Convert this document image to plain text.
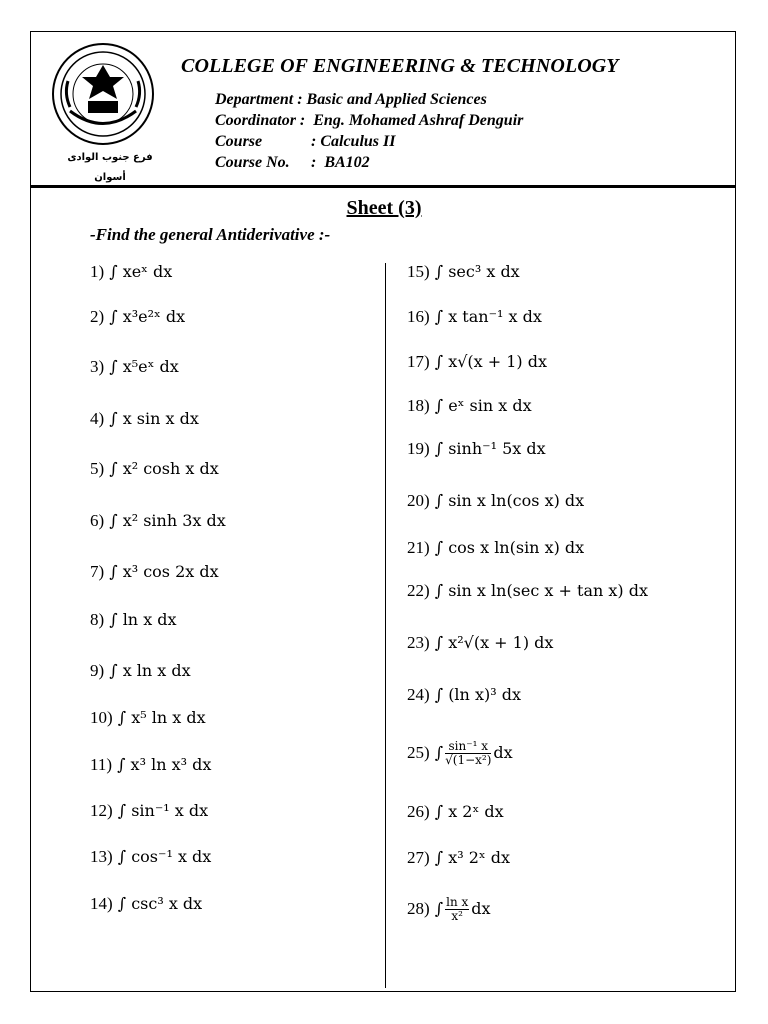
فرع جنوب الوادى
أسوان
COLLEGE OF ENGINEERING & TECHNOLOGY
Department : Basic and Applied Sciences
Coordinator : Eng. Mohamed Ashraf Denguir
Course	: Calculus II
Course No. :  BA102
Sheet (3)
-Find the general Antiderivative :-
1) ∫ xeˣ dx
2) ∫ x³e²ˣ dx
3) ∫ x⁵eˣ dx
4) ∫ x sin x dx
5) ∫ x² cosh x dx
6) ∫ x² sinh 3x dx
7) ∫ x³ cos 2x dx
8) ∫ ln x dx
9) ∫ x ln x dx
10) ∫ x⁵ ln x dx
11) ∫ x³ ln x³ dx
12) ∫ sin⁻¹ x dx
13) ∫ cos⁻¹ x dx
14) ∫ csc³ x dx
15) ∫ sec³ x dx
16) ∫ x tan⁻¹ x dx
17) ∫ x√(x + 1) dx
18) ∫ eˣ sin x dx
19) ∫ sinh⁻¹ 5x dx
20) ∫ sin x ln(cos x) dx
21) ∫ cos x ln(sin x) dx
22) ∫ sin x ln(sec x + tan x) dx
23) ∫ x²√(x + 1) dx
24) ∫ (ln x)³ dx
25) ∫ $\frac{\text{sin⁻¹ x}}{\text{√(1−x²)}}$ dx
26) ∫ x 2ˣ dx
27) ∫ x³ 2ˣ dx
28) ∫ $\frac{\text{ln x}}{\text{x²}}$ dx
